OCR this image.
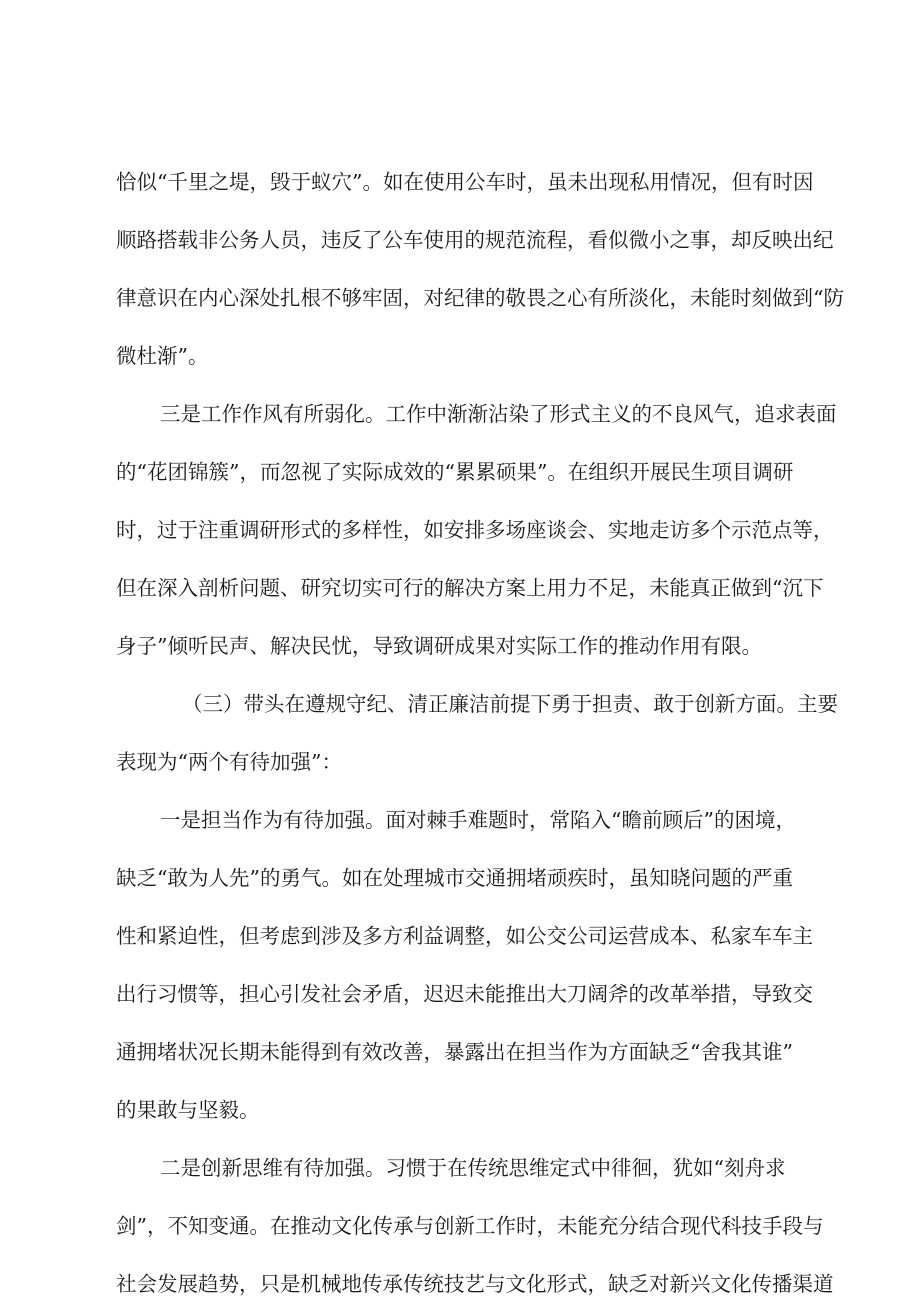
恰似“千里之堤，毁于蚁穴”。如在使用公车时，虽未出现私用情况，但有时因
顺路搭载非公务人员，违反了公车使用的规范流程，看似微小之事，却反映出纪
律意识在内心深处扎根不够牢固，对纪律的敬畏之心有所淡化，未能时刻做到“防
微杜渐”。
三是工作作风有所弱化。工作中渐渐沾染了形式主义的不良风气，追求表面
的“花团锦簇”，而忽视了实际成效的“累累硕果”。在组织开展民生项目调研
时，过于注重调研形式的多样性，如安排多场座谈会、实地走访多个示范点等，
但在深入剖析问题、研究切实可行的解决方案上用力不足，未能真正做到“沉下
身子”倾听民声、解决民忧，导致调研成果对实际工作的推动作用有限。
（三）带头在遵规守纪、清正廉洁前提下勇于担责、敢于创新方面。主要
表现为“两个有待加强”：
一是担当作为有待加强。面对棘手难题时，常陷入“瞻前顾后”的困境，
缺乏“敢为人先”的勇气。如在处理城市交通拥堵顽疾时，虽知晓问题的严重
性和紧迫性，但考虑到涉及多方利益调整，如公交公司运营成本、私家车车主
出行习惯等，担心引发社会矛盾，迟迟未能推出大刀阔斧的改革举措，导致交
通拥堵状况长期未能得到有效改善，暴露出在担当作为方面缺乏“舍我其谁”
的果敢与坚毅。
二是创新思维有待加强。习惯于在传统思维定式中徘徊，犹如“刻舟求
剑”，不知变通。在推动文化传承与创新工作时，未能充分结合现代科技手段与
社会发展趋势，只是机械地传承传统技艺与文化形式，缺乏对新兴文化传播渠道
